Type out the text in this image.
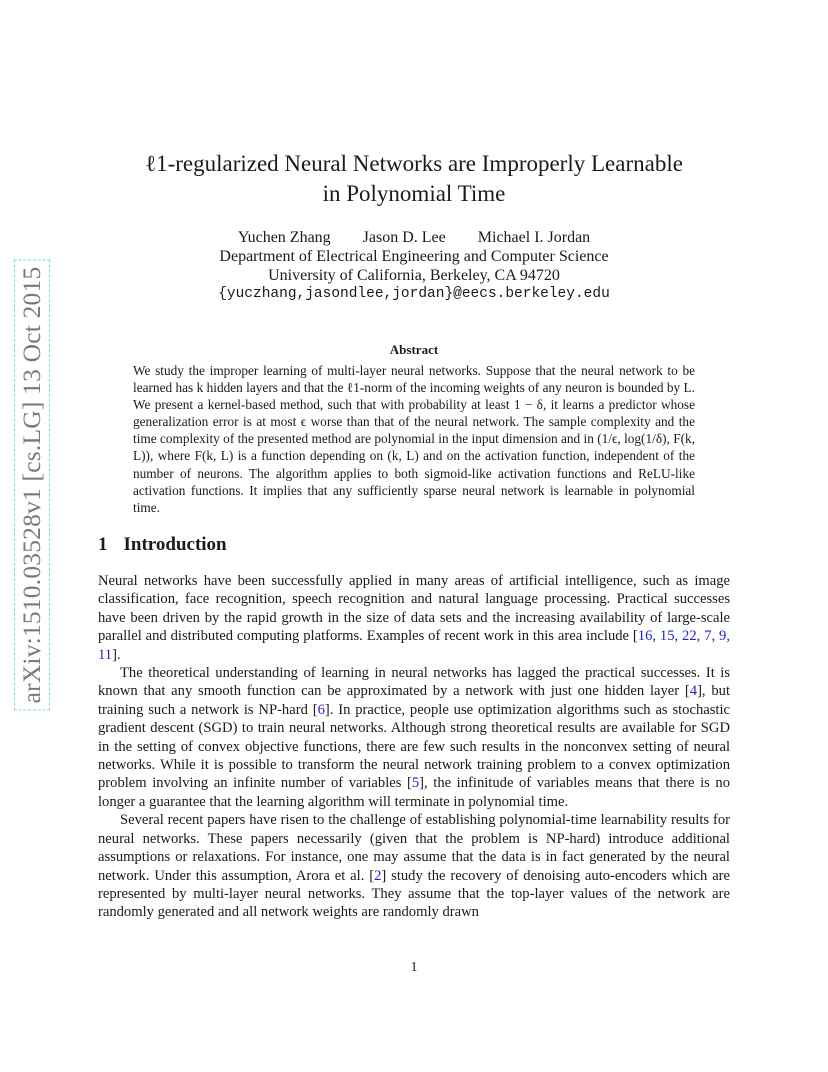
arXiv:1510.03528v1 [cs.LG] 13 Oct 2015
ℓ1-regularized Neural Networks are Improperly Learnable
in Polynomial Time
Yuchen Zhang Jason D. Lee Michael I. Jordan
Department of Electrical Engineering and Computer Science
University of California, Berkeley, CA 94720
{yuczhang,jasondlee,jordan}@eecs.berkeley.edu
Abstract

We study the improper learning of multi-layer neural networks. Suppose that the neural network to be learned has k hidden layers and that the ℓ1-norm of the incoming weights of any neuron is bounded by L. We present a kernel-based method, such that with probability at least 1 − δ, it learns a predictor whose generalization error is at most ϵ worse than that of the neural network. The sample complexity and the time complexity of the presented method are polynomial in the input dimension and in (1/ϵ, log(1/δ), F(k, L)), where F(k, L) is a function depending on (k, L) and on the activation function, independent of the number of neurons. The algorithm applies to both sigmoid-like activation functions and ReLU-like activation functions. It implies that any sufficiently sparse neural network is learnable in polynomial time.

1 Introduction

Neural networks have been successfully applied in many areas of artificial intelligence, such as image classification, face recognition, speech recognition and natural language processing. Practical successes have been driven by the rapid growth in the size of data sets and the increasing availability of large-scale parallel and distributed computing platforms. Examples of recent work in this area include [16, 15, 22, 7, 9, 11].

The theoretical understanding of learning in neural networks has lagged the practical successes. It is known that any smooth function can be approximated by a network with just one hidden layer [4], but training such a network is NP-hard [6]. In practice, people use optimization algorithms such as stochastic gradient descent (SGD) to train neural networks. Although strong theoretical results are available for SGD in the setting of convex objective functions, there are few such results in the nonconvex setting of neural networks. While it is possible to transform the neural network training problem to a convex optimization problem involving an infinite number of variables [5], the infinitude of variables means that there is no longer a guarantee that the learning algorithm will terminate in polynomial time.

Several recent papers have risen to the challenge of establishing polynomial-time learnability results for neural networks. These papers necessarily (given that the problem is NP-hard) introduce additional assumptions or relaxations. For instance, one may assume that the data is in fact generated by the neural network. Under this assumption, Arora et al. [2] study the recovery of denoising auto-encoders which are represented by multi-layer neural networks. They assume that the top-layer values of the network are randomly generated and all network weights are randomly drawn

1
